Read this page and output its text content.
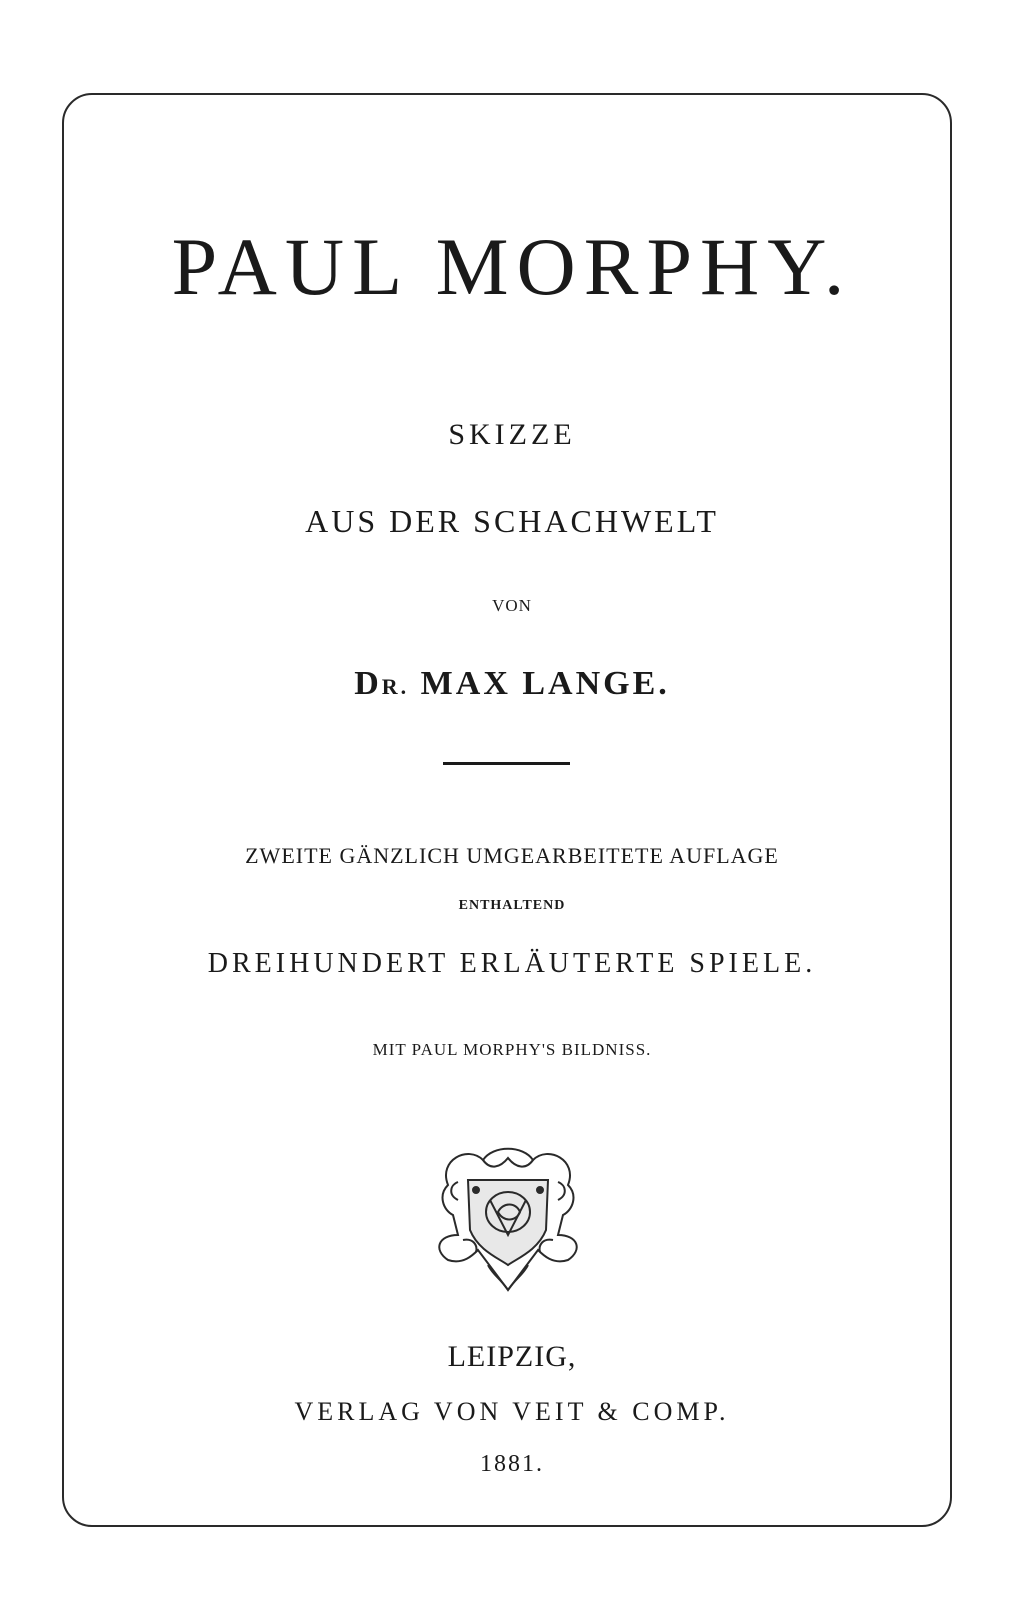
PAUL MORPHY.
SKIZZE
AUS DER SCHACHWELT
VON
DR. MAX LANGE.
ZWEITE GÄNZLICH UMGEARBEITETE AUFLAGE
ENTHALTEND
DREIHUNDERT ERLÄUTERTE SPIELE.
MIT PAUL MORPHY'S BILDNISS.
LEIPZIG,
VERLAG VON VEIT & COMP.
1881.
